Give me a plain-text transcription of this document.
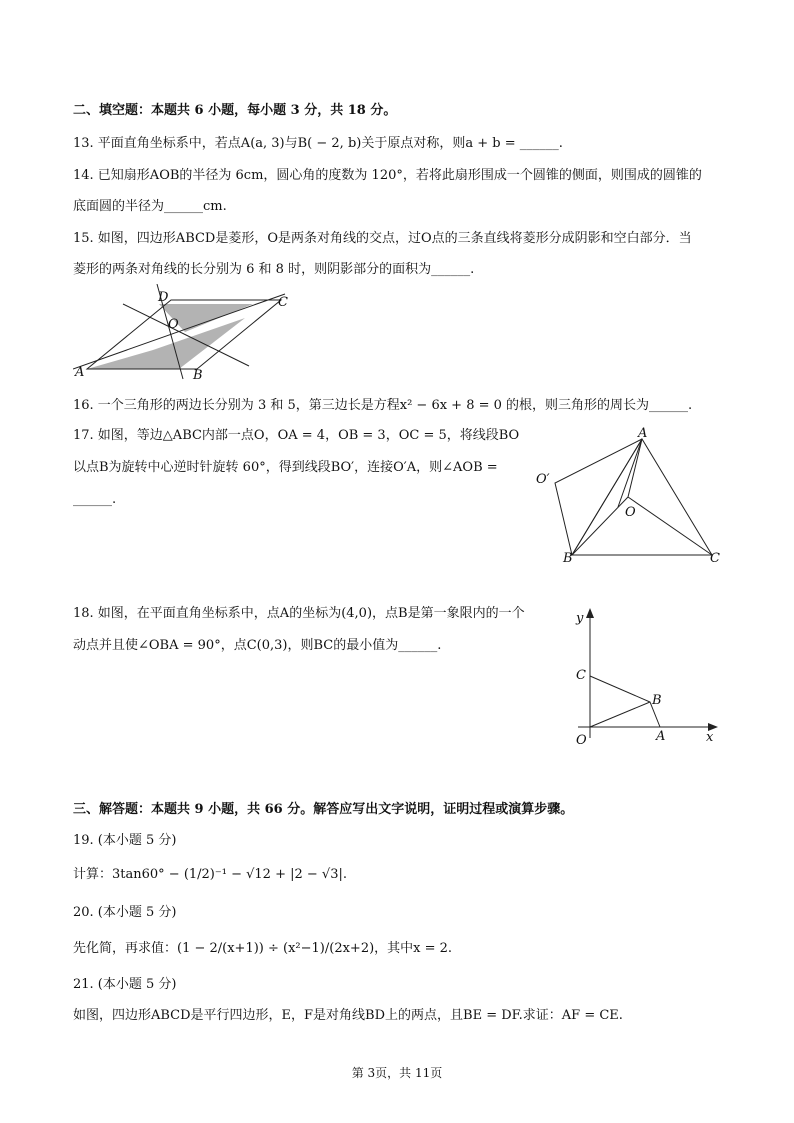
二、填空题：本题共 6 小题，每小题 3 分，共 18 分。
13. 平面直角坐标系中，若点A(a, 3)与B( − 2, b)关于原点对称，则a + b = ______.
14. 已知扇形AOB的半径为 6cm，圆心角的度数为 120°，若将此扇形围成一个圆锥的侧面，则围成的圆锥的
底面圆的半径为______cm.
15. 如图，四边形ABCD是菱形，O是两条对角线的交点，过O点的三条直线将菱形分成阴影和空白部分．当
菱形的两条对角线的长分别为 6 和 8 时，则阴影部分的面积为______.
A	B
C
D
O
16. 一个三角形的两边长分别为 3 和 5，第三边长是方程x² − 6x + 8 = 0 的根，则三角形的周长为______.
17. 如图，等边△ABC内部一点O，OA = 4，OB = 3，OC = 5，将线段BO
以点B为旋转中心逆时针旋转 60°，得到线段BO′，连接O′A，则∠AOB =
______.
A
B	C
O
O′
18. 如图，在平面直角坐标系中，点A的坐标为(4,0)，点B是第一象限内的一个
动点并且使∠OBA = 90°，点C(0,3)，则BC的最小值为______.
x
y
O	A
B
C
三、解答题：本题共 9 小题，共 66 分。解答应写出文字说明，证明过程或演算步骤。
19. (本小题 5 分)
计算：3tan60° − (1/2)⁻¹ − √12 + |2 − √3|.
20. (本小题 5 分)
先化简，再求值：(1 − 2/(x+1)) ÷ (x²−1)/(2x+2)，其中x = 2.
21. (本小题 5 分)
如图，四边形ABCD是平行四边形，E，F是对角线BD上的两点，且BE = DF.求证：AF = CE.
第 3页，共 11页
